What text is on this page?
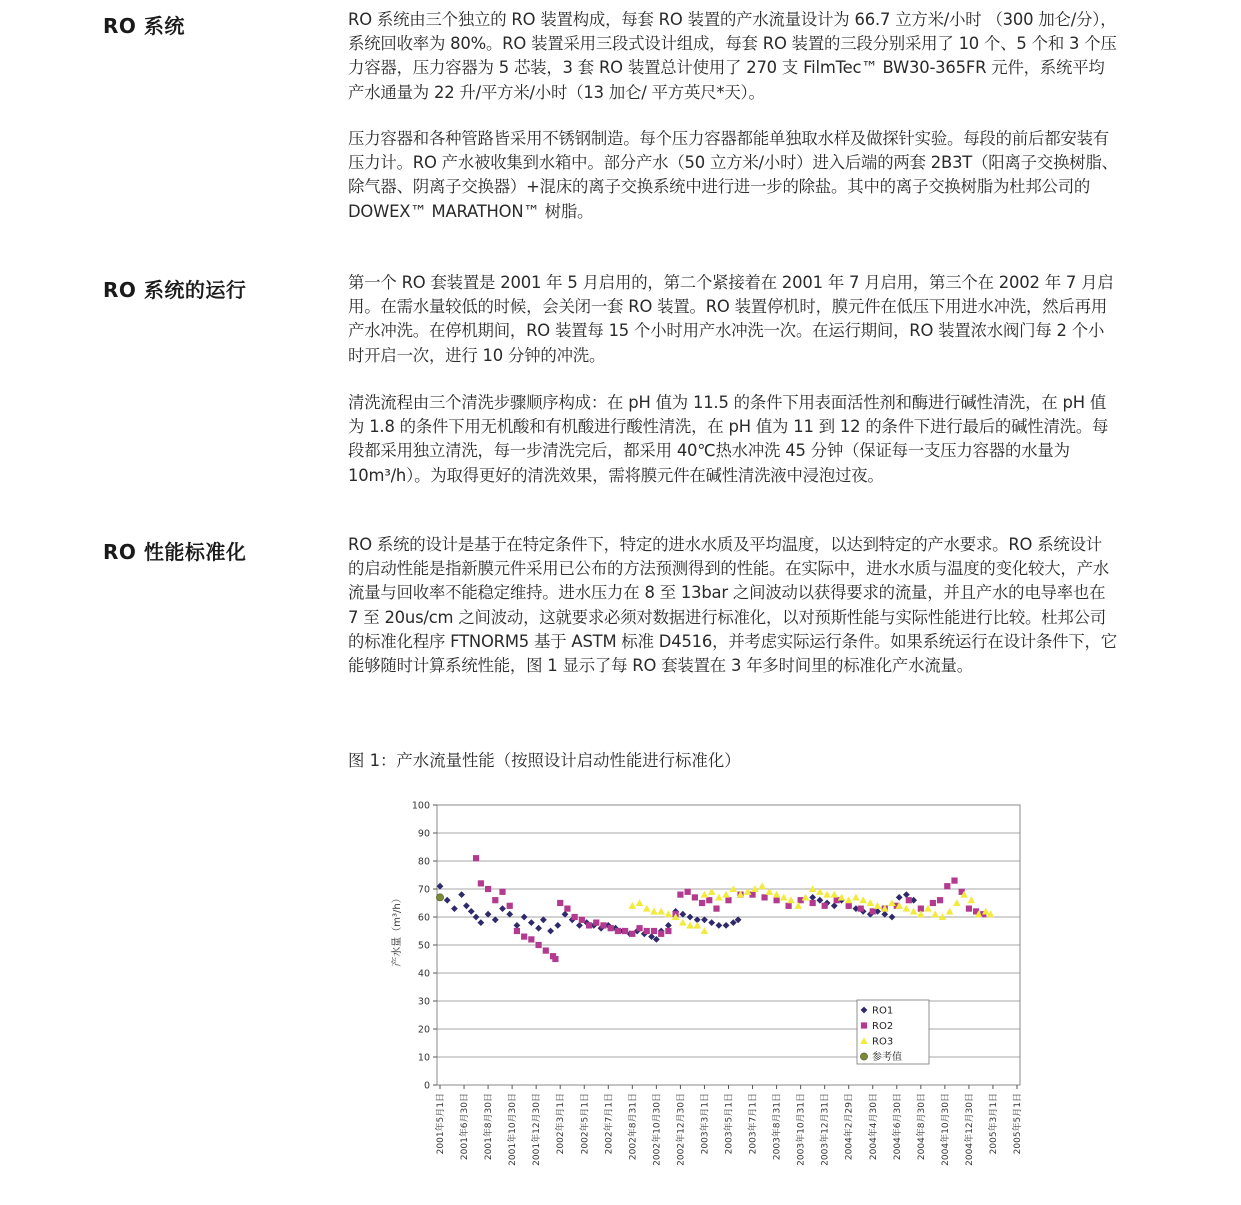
RO 系统	RO 系统由三个独立的 RO 装置构成，每套 RO 装置的产水流量设计为 66.7 立方米/小时 （300 加仑/分），系统回收率为 80%。RO 装置采用三段式设计组成，每套 RO 装置的三段分别采用了 10 个、5 个和 3 个压力容器，压力容器为 5 芯装，3 套 RO 装置总计使用了 270 支 FilmTec™ BW30-365FR 元件，系统平均产水通量为 22 升/平方米/小时（13 加仑/ 平方英尺*天）。

压力容器和各种管路皆采用不锈钢制造。每个压力容器都能单独取水样及做探针实验。每段的前后都安装有压力计。RO 产水被收集到水箱中。部分产水（50 立方米/小时）进入后端的两套 2B3T（阳离子交换树脂、除气器、阴离子交换器）+混床的离子交换系统中进行进一步的除盐。其中的离子交换树脂为杜邦公司的 DOWEX™ MARATHON™ 树脂。

RO 系统的运行	第一个 RO 套装置是 2001 年 5 月启用的，第二个紧接着在 2001 年 7 月启用，第三个在 2002 年 7 月启用。在需水量较低的时候，会关闭一套 RO 装置。RO 装置停机时，膜元件在低压下用进水冲洗，然后再用产水冲洗。在停机期间，RO 装置每 15 个小时用产水冲洗一次。在运行期间，RO 装置浓水阀门每 2 个小时开启一次，进行 10 分钟的冲洗。

清洗流程由三个清洗步骤顺序构成：在 pH 值为 11.5 的条件下用表面活性剂和酶进行碱性清洗，在 pH 值为 1.8 的条件下用无机酸和有机酸进行酸性清洗，在 pH 值为 11 到 12 的条件下进行最后的碱性清洗。每段都采用独立清洗，每一步清洗完后，都采用 40℃热水冲洗 45 分钟（保证每一支压力容器的水量为 10m³/h）。为取得更好的清洗效果，需将膜元件在碱性清洗液中浸泡过夜。

RO 性能标准化	RO 系统的设计是基于在特定条件下，特定的进水水质及平均温度，以达到特定的产水要求。RO 系统设计的启动性能是指新膜元件采用已公布的方法预测得到的性能。在实际中，进水水质与温度的变化较大，产水流量与回收率不能稳定维持。进水压力在 8 至 13bar 之间波动以获得要求的流量，并且产水的电导率也在 7 至 20us/cm 之间波动，这就要求必须对数据进行标准化，以对预斯性能与实际性能进行比较。杜邦公司的标准化程序 FTNORM5 基于 ASTM 标准 D4516，并考虑实际运行条件。如果系统运行在设计条件下，它能够随时计算系统性能，图 1 显示了每 RO 套装置在 3 年多时间里的标准化产水流量。

图 1：产水流量性能（按照设计启动性能进行标准化）
0
10
20
30
40
50
60
70
80
90
100
2001年5月1日 2001年6月30日 2001年8月30日 2001年10月30日 2001年12月30日 2002年3月1日 2002年5月1日 2002年7月1日 2002年8月31日 2002年10月30日 2002年12月30日 2003年3月1日 2003年5月1日 2003年7月1日 2003年8月31日 2003年10月31日 2003年12月31日 2004年2月29日 2004年4月30日 2004年6月30日 2004年8月30日 2004年10月30日 2004年12月30日 2005年3月1日 2005年5月1日
产水量（m³/h）
RO1
RO2
RO3
参考值
